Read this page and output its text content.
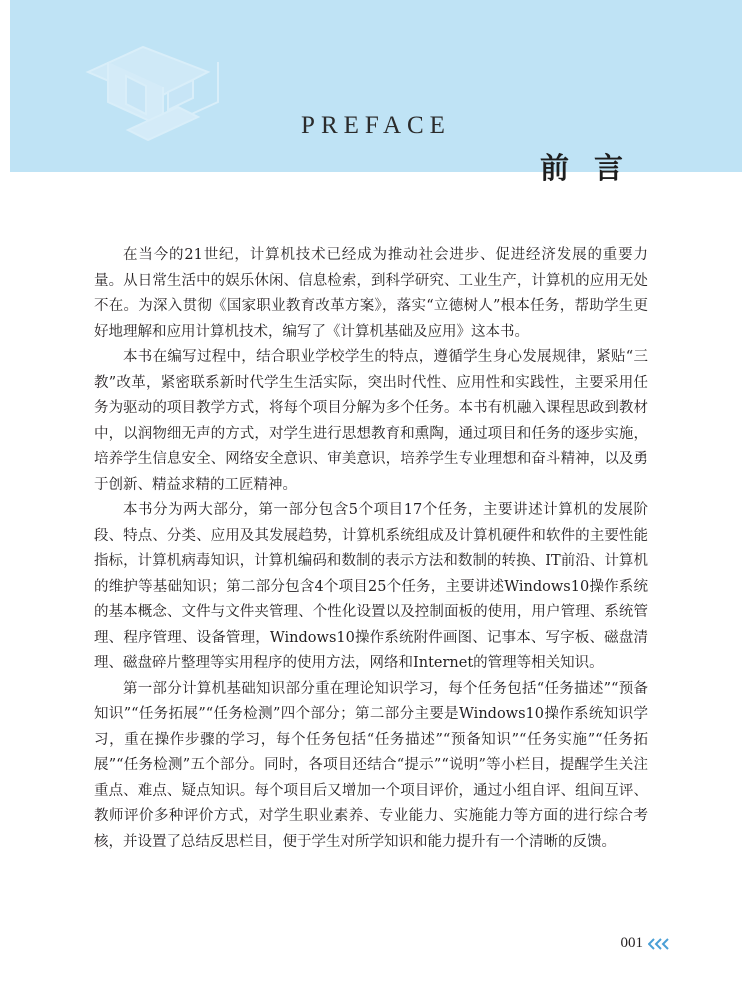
PREFACE
前言

在当今的21世纪，计算机技术已经成为推动社会进步、促进经济发展的重要力量。从日常生活中的娱乐休闲、信息检索，到科学研究、工业生产，计算机的应用无处不在。为深入贯彻《国家职业教育改革方案》，落实“立德树人”根本任务，帮助学生更好地理解和应用计算机技术，编写了《计算机基础及应用》这本书。

本书在编写过程中，结合职业学校学生的特点，遵循学生身心发展规律，紧贴“三教”改革，紧密联系新时代学生生活实际，突出时代性、应用性和实践性，主要采用任务为驱动的项目教学方式，将每个项目分解为多个任务。本书有机融入课程思政到教材中，以润物细无声的方式，对学生进行思想教育和熏陶，通过项目和任务的逐步实施，培养学生信息安全、网络安全意识、审美意识，培养学生专业理想和奋斗精神，以及勇于创新、精益求精的工匠精神。

本书分为两大部分，第一部分包含5个项目17个任务，主要讲述计算机的发展阶段、特点、分类、应用及其发展趋势，计算机系统组成及计算机硬件和软件的主要性能指标，计算机病毒知识，计算机编码和数制的表示方法和数制的转换、IT前沿、计算机的维护等基础知识；第二部分包含4个项目25个任务，主要讲述Windows10操作系统的基本概念、文件与文件夹管理、个性化设置以及控制面板的使用，用户管理、系统管理、程序管理、设备管理，Windows10操作系统附件画图、记事本、写字板、磁盘清理、磁盘碎片整理等实用程序的使用方法，网络和Internet的管理等相关知识。

第一部分计算机基础知识部分重在理论知识学习，每个任务包括“任务描述”“预备知识”“任务拓展”“任务检测”四个部分；第二部分主要是Windows10操作系统知识学习，重在操作步骤的学习，每个任务包括“任务描述”“预备知识”“任务实施”“任务拓展”“任务检测”五个部分。同时，各项目还结合“提示”“说明”等小栏目，提醒学生关注重点、难点、疑点知识。每个项目后又增加一个项目评价，通过小组自评、组间互评、教师评价多种评价方式，对学生职业素养、专业能力、实施能力等方面的进行综合考核，并设置了总结反思栏目，便于学生对所学知识和能力提升有一个清晰的反馈。

001
